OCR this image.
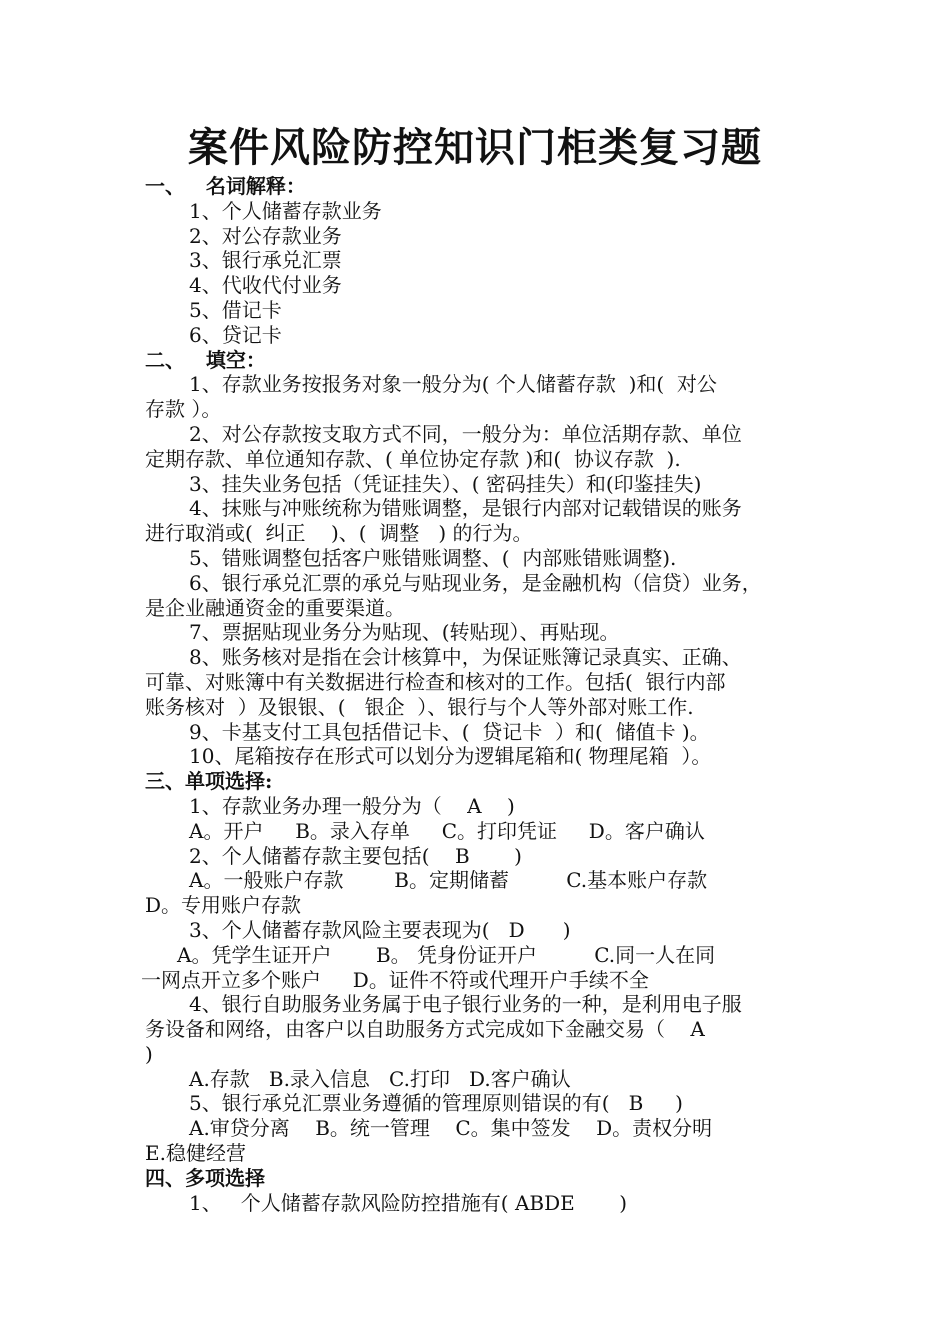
案件风险防控知识门柜类复习题
一、   名词解释：
1、个人储蓄存款业务
2、对公存款业务
3、银行承兑汇票
4、代收代付业务
5、借记卡
6、贷记卡
二、   填空：
1、存款业务按报务对象一般分为( 个人储蓄存款  )和(  对公
存款 ）。
2、对公存款按支取方式不同，一般分为：单位活期存款、单位
定期存款、单位通知存款、( 单位协定存款 )和(  协议存款  ).
3、挂失业务包括（凭证挂失）、( 密码挂失）和(印鉴挂失)
4、抹账与冲账统称为错账调整，是银行内部对记载错误的账务
进行取消或(  纠正    )、(  调整   ) 的行为。
5、错账调整包括客户账错账调整、(  内部账错账调整).
6、银行承兑汇票的承兑与贴现业务，是金融机构（信贷）业务，
是企业融通资金的重要渠道。
7、票据贴现业务分为贴现、(转贴现）、再贴现。
8、账务核对是指在会计核算中，为保证账簿记录真实、正确、
可靠、对账簿中有关数据进行检查和核对的工作。包括(  银行内部
账务核对  ）及银银、(   银企  ）、银行与个人等外部对账工作.
9、卡基支付工具包括借记卡、(  贷记卡  ）和(  储值卡 )。
10、尾箱按存在形式可以划分为逻辑尾箱和( 物理尾箱  ）。
三、单项选择:
1、存款业务办理一般分为（    A    )
A。开户     B。录入存单     C。打印凭证     D。客户确认
2、个人储蓄存款主要包括(    B       )
A。一般账户存款        B。定期储蓄         C.基本账户存款
D。专用账户存款
3、个人储蓄存款风险主要表现为(   D      )
A。凭学生证开户       B。 凭身份证开户         C.同一人在同
一网点开立多个账户     D。证件不符或代理开户手续不全
4、银行自助服务业务属于电子银行业务的一种，是利用电子服
务设备和网络，由客户以自助服务方式完成如下金融交易（    A
)
A.存款   B.录入信息   C.打印   D.客户确认
5、银行承兑汇票业务遵循的管理原则错误的有(   B     )
A.审贷分离    B。统一管理    C。集中签发    D。责权分明
E.稳健经营
四、多项选择
1、   个人储蓄存款风险防控措施有( ABDE       )
